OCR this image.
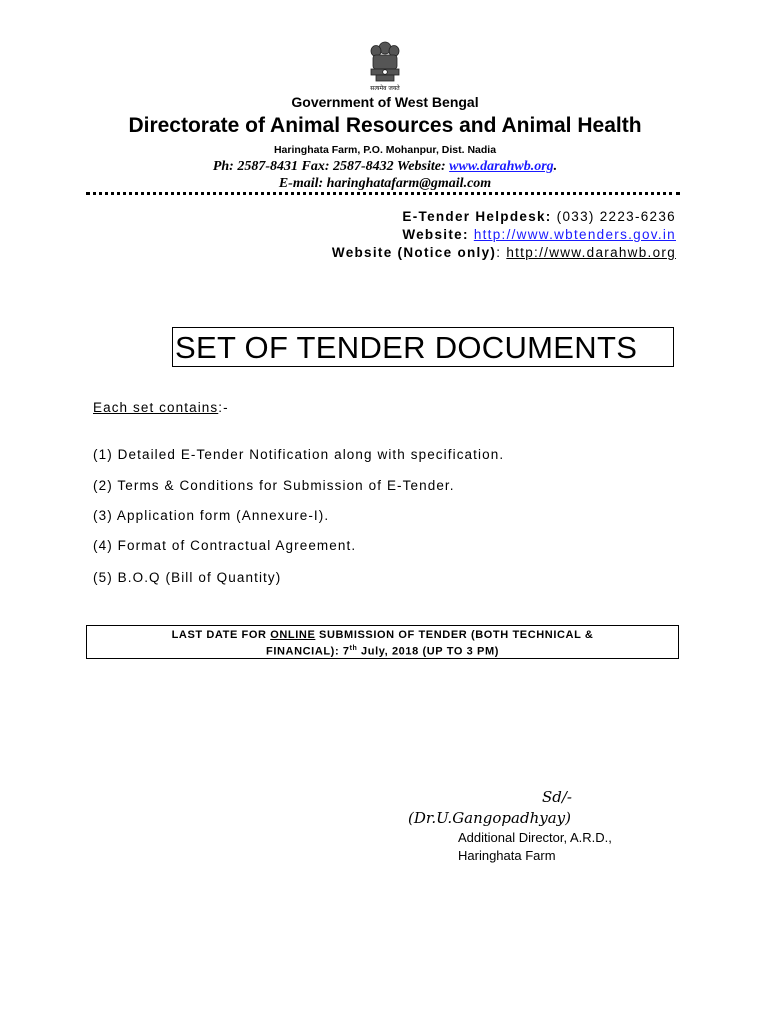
सत्यमेव जयते
Government of West Bengal
Directorate of Animal Resources and Animal Health
Haringhata Farm, P.O. Mohanpur, Dist. Nadia
Ph: 2587-8431 Fax: 2587-8432 Website: www.darahwb.org.
E-mail: haringhatafarm@gmail.com
E-Tender Helpdesk: (033) 2223-6236
Website: http://www.wbtenders.gov.in
Website (Notice only): http://www.darahwb.org
SET OF TENDER DOCUMENTS
Each set contains:-
(1) Detailed E-Tender Notification along with specification.
(2) Terms & Conditions for Submission of E-Tender.
(3) Application form (Annexure-I).
(4) Format of Contractual Agreement.
(5) B.O.Q (Bill of Quantity)
LAST DATE FOR ONLINE SUBMISSION OF TENDER (BOTH TECHNICAL &
FINANCIAL): 7th July, 2018 (UP TO 3 PM)
Sd/-
(Dr.U.Gangopadhyay)
Additional Director, A.R.D.,
Haringhata Farm
